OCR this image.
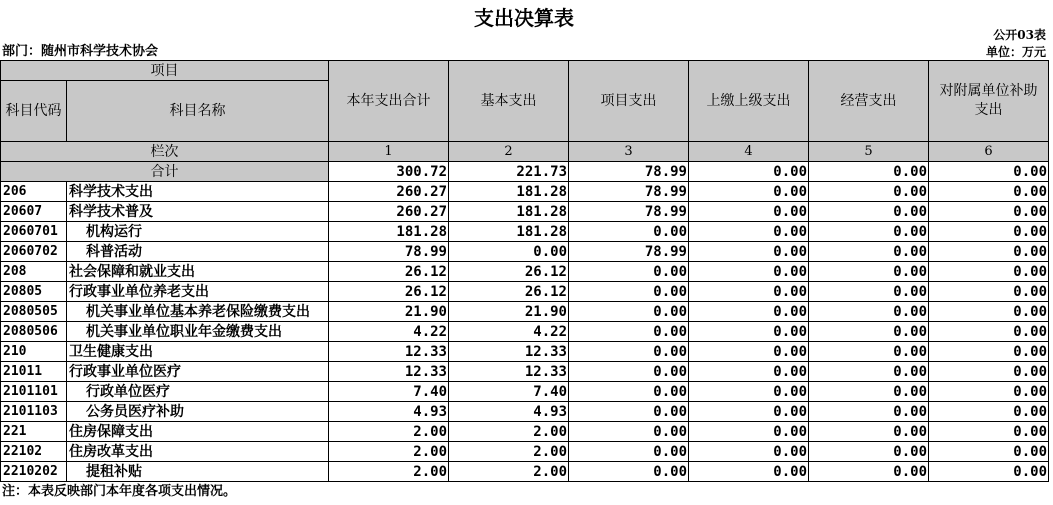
支出决算表
公开03表
部门：随州市科学技术协会	单位：万元
项目		本年支出合计	基本支出	项目支出	上缴上级支出	经营支出	对附属单位补助支出
科目代码	科目名称						
栏次		1	2	3	4	5	6
合计		300.72	221.73	78.99	0.00	0.00	0.00
206	科学技术支出	260.27	181.28	78.99	0.00	0.00	0.00
20607	科学技术普及	260.27	181.28	78.99	0.00	0.00	0.00
2060701	机构运行	181.28	181.28	0.00	0.00	0.00	0.00
2060702	科普活动	78.99	0.00	78.99	0.00	0.00	0.00
208	社会保障和就业支出	26.12	26.12	0.00	0.00	0.00	0.00
20805	行政事业单位养老支出	26.12	26.12	0.00	0.00	0.00	0.00
2080505	机关事业单位基本养老保险缴费支出	21.90	21.90	0.00	0.00	0.00	0.00
2080506	机关事业单位职业年金缴费支出	4.22	4.22	0.00	0.00	0.00	0.00
210	卫生健康支出	12.33	12.33	0.00	0.00	0.00	0.00
21011	行政事业单位医疗	12.33	12.33	0.00	0.00	0.00	0.00
2101101	行政单位医疗	7.40	7.40	0.00	0.00	0.00	0.00
2101103	公务员医疗补助	4.93	4.93	0.00	0.00	0.00	0.00
221	住房保障支出	2.00	2.00	0.00	0.00	0.00	0.00
22102	住房改革支出	2.00	2.00	0.00	0.00	0.00	0.00
2210202	提租补贴	2.00	2.00	0.00	0.00	0.00	0.00
注：本表反映部门本年度各项支出情况。
